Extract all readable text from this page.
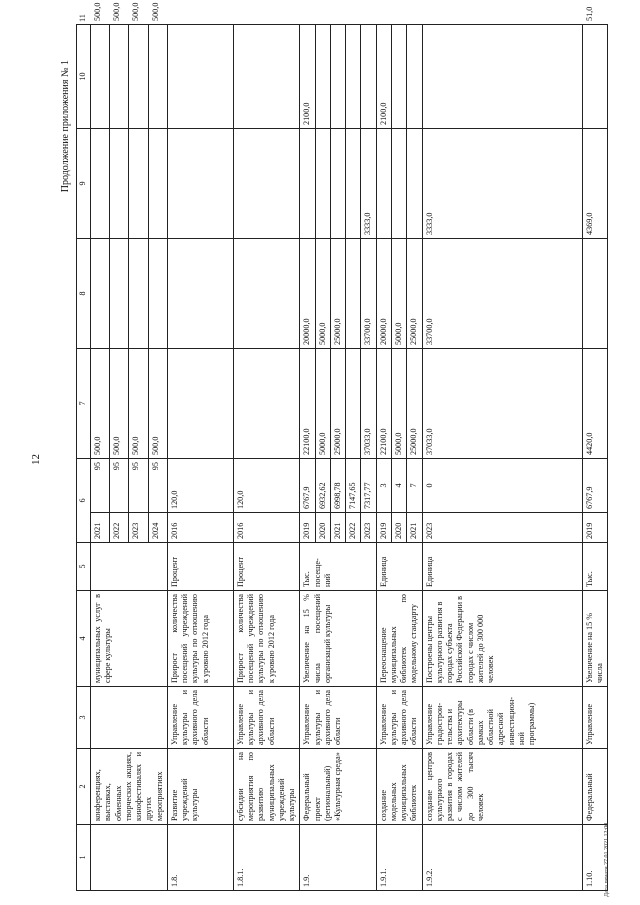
12
Продолжение приложения № 1
1	2	3	4	5	6		7	8	9	10	11
	конференциях, выставках, обменных творческих акциях, кинофестивалях и других мероприятиях		муниципальных услуг в сфере культуры		2021	95	500,0				500,0
					2022	95	500,0				500,0
					2023	95	500,0				500,0
					2024	95	500,0				500,0
1.8.	Развитие учреждений культуры	Управление культуры и архивного дела области	Прирост количества посещений учреждений культуры по отношению к уровню 2012 года	Процент	2016	120,0					
1.8.1.	субсидии на мероприятия по развитию муниципальных учреждений культуры	Управление культуры и архивного дела области	Прирост количества посещений учреждений культуры по отношению к уровню 2012 года	Процент	2016	120,0					
1.9.	Федеральный проект (региональный) «Культурная среда»	Управление культуры и архивного дела области	Увеличение на 15 % числа посещений организаций культуры	Тыс. посеще-ний	2019	6767,9	22100,0	20000,0		2100,0	
					2020	6932,62	5000,0	5000,0			
					2021	6998,78	25000,0	25000,0			
					2022	7147,65					
					2023	7317,77	37033,0	33700,0	3333,0		
1.9.1.	создание модельных муниципальных библиотек	Управление культуры и архивного дела области	Переоснащение муниципальных библиотек по модельному стандарту	Единица	2019	3	22100,0	20000,0		2100,0	
					2020	4	5000,0	5000,0			
					2021	7	25000,0	25000,0			
1.9.2.	создание центров культурного развития в городах с числом жителей до 300 тысяч человек	Управление градострои-тельства и архитектуры области (в рамках областной адресной инвестицион-ной программы)	Построены центры культурного развития в городах субъекта Российской Федерации в городах с числом жителей до 300 000 человек	Единица	2023	0	37033,0	33700,0	3333,0		
1.10.	Федеральный	Управление	Увеличение на 15 % числа	Тыс.	2019	6767,9	4420,0		4369,0		51,0
Дата печати 27.01.2021 12:00
